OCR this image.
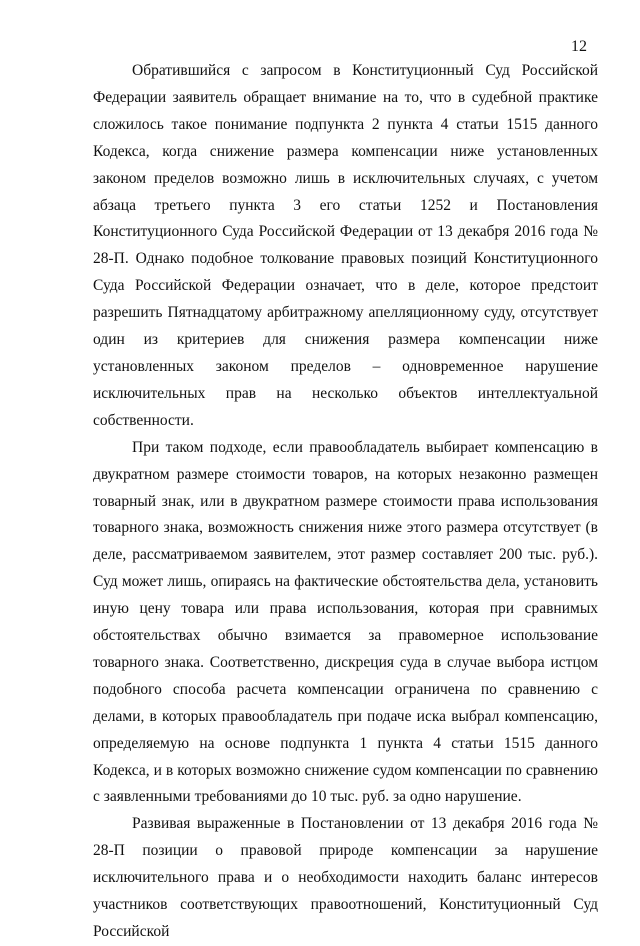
12

Обратившийся с запросом в Конституционный Суд Российской Федерации заявитель обращает внимание на то, что в судебной практике сложилось такое понимание подпункта 2 пункта 4 статьи 1515 данного Кодекса, когда снижение размера компенсации ниже установленных законом пределов возможно лишь в исключительных случаях, с учетом абзаца третьего пункта 3 его статьи 1252 и Постановления Конституционного Суда Российской Федерации от 13 декабря 2016 года № 28-П. Однако подобное толкование правовых позиций Конституционного Суда Российской Федерации означает, что в деле, которое предстоит разрешить Пятнадцатому арбитражному апелляционному суду, отсутствует один из критериев для снижения размера компенсации ниже установленных законом пределов – одновременное нарушение исключительных прав на несколько объектов интеллектуальной собственности.

При таком подходе, если правообладатель выбирает компенсацию в двукратном размере стоимости товаров, на которых незаконно размещен товарный знак, или в двукратном размере стоимости права использования товарного знака, возможность снижения ниже этого размера отсутствует (в деле, рассматриваемом заявителем, этот размер составляет 200 тыс. руб.). Суд может лишь, опираясь на фактические обстоятельства дела, установить иную цену товара или права использования, которая при сравнимых обстоятельствах обычно взимается за правомерное использование товарного знака. Соответственно, дискреция суда в случае выбора истцом подобного способа расчета компенсации ограничена по сравнению с делами, в которых правообладатель при подаче иска выбрал компенсацию, определяемую на основе подпункта 1 пункта 4 статьи 1515 данного Кодекса, и в которых возможно снижение судом компенсации по сравнению с заявленными требованиями до 10 тыс. руб. за одно нарушение.

Развивая выраженные в Постановлении от 13 декабря 2016 года № 28-П позиции о правовой природе компенсации за нарушение исключительного права и о необходимости находить баланс интересов участников соответствующих правоотношений, Конституционный Суд Российской
